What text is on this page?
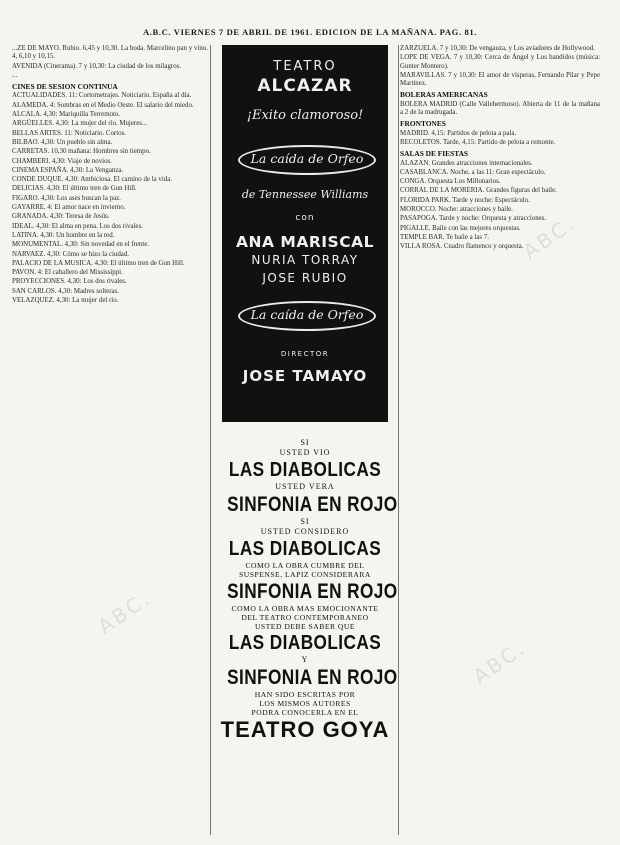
A.B.C. VIERNES 7 DE ABRIL DE 1961. EDICION DE LA MAÑANA. PAG. 81.
...ZE DE MAYO. Rubio. 6,45 y 10,30. La boda. Marcelino pan y vino. 4, 6,10 y 10,15.
AVENIDA (Cinerama). 7 y 10,30: La ciudad de los milagros.
...
CINES DE SESION CONTINUA
ACTUALIDADES. 11: Cortometrajes. Noticiario. España al día.
ALAMEDA. 4: Sombras en el Medio Oeste. El salario del miedo.
ALCALA. 4,30: Mariquilla Terremoto.
ARGÜELLES. 4,30: La mujer del río. Mujeres...
BELLAS ARTES. 11: Noticiario. Cortos.
BILBAO. 4,30: Un pueblo sin alma.
CARRETAS. 10,30 mañana: Hombres sin tiempo.
CHAMBERI. 4,30: Viaje de novios.
CINEMA ESPAÑA. 4,30: La Venganza.
CONDE DUQUE. 4,30: Ambiciosa. El camino de la vida.
DELICIAS. 4,30: El último tren de Gun Hill.
FIGARO. 4,30: Los ases buscan la paz.
GAYARRE. 4: El amor nace en invierno.
GRANADA. 4,30: Teresa de Jesús.
IDEAL. 4,30: El alma en pena. Los dos rivales.
LATINA. 4,30: Un hombre en la red.
MONUMENTAL. 4,30: Sin novedad en el frente.
NARVAEZ. 4,30: Cómo se hizo la ciudad.
PALACIO DE LA MUSICA. 4,30: El último tren de Gun Hill.
PAVON. 4: El caballero del Mississippi.
PROYECCIONES. 4,30: Los dos rivales.
SAN CARLOS. 4,30: Madres solteras.
VELAZQUEZ. 4,30: La mujer del río.
TEATRO
ALCAZAR
¡Exito clamoroso!
La caída de Orfeo
de Tennessee Williams
con
ANA MARISCAL
NURIA TORRAY
JOSE RUBIO
La caída de Orfeo
DIRECTOR
JOSE TAMAYO
SI
USTED VIO
LAS DIABOLICAS
USTED VERA
SINFONIA EN ROJO
SI
USTED CONSIDERO
LAS DIABOLICAS
COMO LA OBRA CUMBRE DEL
SUSPENSE, LAPIZ CONSIDERARA
SINFONIA EN ROJO
COMO LA OBRA MAS EMOCIONANTE
DEL TEATRO CONTEMPORANEO
USTED DEBE SABER QUE
LAS DIABOLICAS
Y
SINFONIA EN ROJO
HAN SIDO ESCRITAS POR
LOS MISMOS AUTORES
PODRA CONOCERLA EN EL
TEATRO GOYA
ZARZUELA. 7 y 10,30: De vengauza, y Los aviadores de Hollywood.
LOPE DE VEGA. 7 y 10,30: Cerca de Ángel y Los bandidos (música: Gunter Montero).
MARAVILLAS. 7 y 10,30: El amor de vísperas, Fernando Pilar y Pepe Martinez.
BOLERAS AMERICANAS
BOLERA MADRID (Calle Vallehermoso). Abierta de 11 de la mañana a 2 de la madrugada.
FRONTONES
MADRID. 4,15: Partidos de pelota a pala.
RECOLETOS. Tarde, 4,15: Partido de pelota a remonte.
SALAS DE FIESTAS
ALAZAN. Grandes atracciones internacionales.
CASABLANCA. Noche, a las 11: Gran espectáculo.
CONGA. Orquesta Los Millonarios.
CORRAL DE LA MORERIA. Grandes figuras del baile.
FLORIDA PARK. Tarde y noche: Espectáculo.
MOROCCO. Noche: atracciones y baile.
PASAPOGA. Tarde y noche: Orquesta y atracciones.
PIGALLE. Baile con las mejores orquestas.
TEMPLE BAR. Te baile a las 7.
VILLA ROSA. Cuadro flamenco y orquesta.
ABC.
ABC.
ABC.
